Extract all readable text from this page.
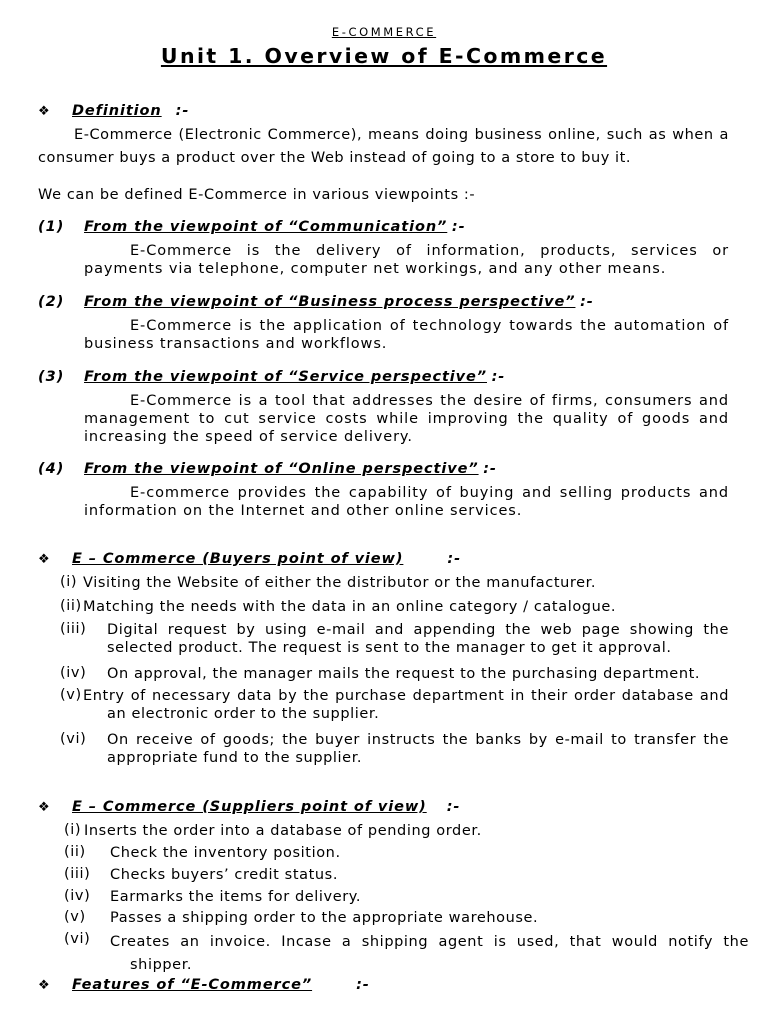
E-COMMERCE
Unit 1. Overview of E-Commerce
❖ Definition :-
E-Commerce (Electronic Commerce), means doing business online, such as when a consumer buys a product over the Web instead of going to a store to buy it.
We can be defined E-Commerce in various viewpoints :-
(1) From the viewpoint of “Communication” :-
E-Commerce is the delivery of information, products, services or payments via telephone, computer net workings, and any other means.
(2) From the viewpoint of “Business process perspective” :-
E-Commerce is the application of technology towards the automation of business transactions and workflows.
(3) From the viewpoint of “Service perspective” :-
E-Commerce is a tool that addresses the desire of firms, consumers and management to cut service costs while improving the quality of goods and increasing the speed of service delivery.
(4) From the viewpoint of “Online perspective” :-
E-commerce provides the capability of buying and selling products and information on the Internet and other online services.
❖ E – Commerce (Buyers point of view)	:-
(i) Visiting the Website of either the distributor or the manufacturer.
(ii) Matching the needs with the data in an online category / catalogue.
(iii) Digital request by using e-mail and appending the web page showing the selected product. The request is sent to the manager to get it approval.
(iv) On approval, the manager mails the request to the purchasing department.
(v) Entry of necessary data by the purchase department in their order database and an electronic order to the supplier.
(vi) On receive of goods; the buyer instructs the banks by e-mail to transfer the appropriate fund to the supplier.
❖ E – Commerce (Suppliers point of view) :-
(i) Inserts the order into a database of pending order.
(ii) Check the inventory position.
(iii) Checks buyers’ credit status.
(iv) Earmarks the items for delivery.
(v) Passes a shipping order to the appropriate warehouse.
(vi) Creates an invoice. Incase a shipping agent is used, that would notify the shipper.
❖ Features of “E-Commerce”	:-
